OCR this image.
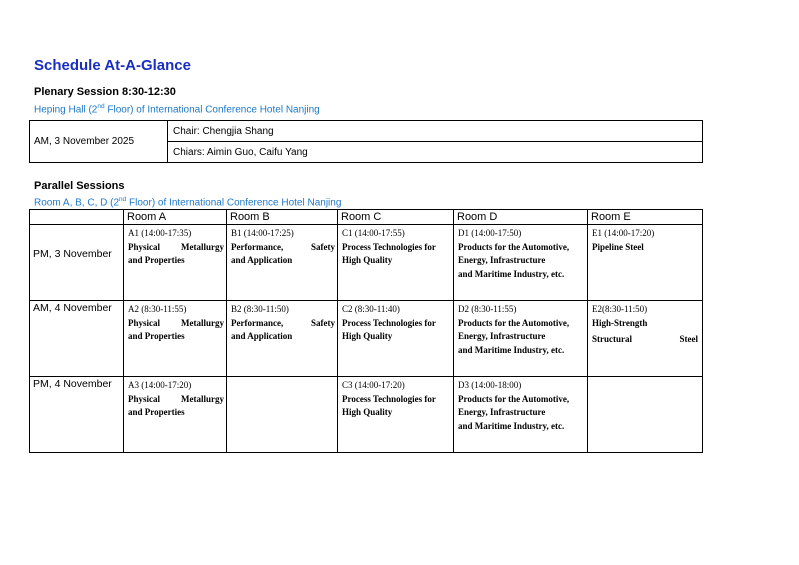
Schedule At-A-Glance
Plenary Session 8:30-12:30
Heping Hall (2nd Floor) of International Conference Hotel Nanjing
AM, 3 November 2025	Chair: Chengjia Shang
Chiars: Aimin Guo, Caifu Yang
Parallel Sessions
Room A, B, C, D (2nd Floor) of International Conference Hotel Nanjing
	Room A	Room B	Room C	Room D	Room E

PM, 3 November	A1 (14:00-17:35)
Physical Metallurgy
and Properties	B1 (14:00-17:25)
Performance, Safety
and Application	C1 (14:00-17:55)
Process Technologies for
High Quality	D1 (14:00-17:50)
Products for the Automotive,
Energy, Infrastructure
and Maritime Industry, etc.	E1 (14:00-17:20)
Pipeline Steel

AM, 4 November	A2 (8:30-11:55)
Physical Metallurgy
and Properties	B2 (8:30-11:50)
Performance, Safety
and Application	C2 (8:30-11:40)
Process Technologies for
High Quality	D2 (8:30-11:55)
Products for the Automotive,
Energy, Infrastructure
and Maritime Industry, etc.	E2(8:30-11:50)
High-Strength
Structural Steel

PM, 4 November	A3 (14:00-17:20)
Physical Metallurgy
and Properties		C3 (14:00-17:20)
Process Technologies for
High Quality	D3 (14:00-18:00)
Products for the Automotive,
Energy, Infrastructure
and Maritime Industry, etc.	
